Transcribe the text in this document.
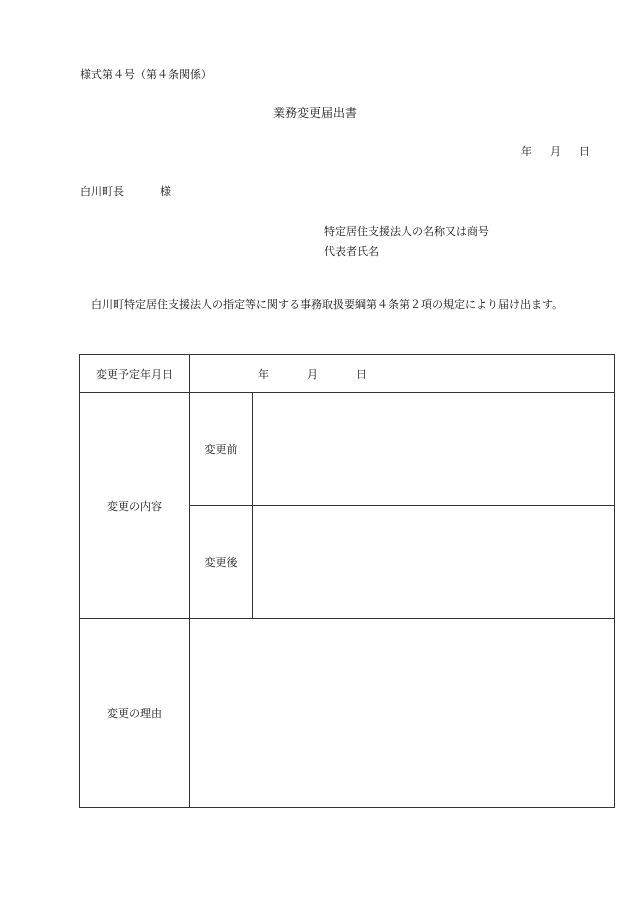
様式第４号（第４条関係）
業務変更届出書
年 月 日
白川町長	様
特定居住支援法人の名称又は商号
代表者氏名
白川町特定居住支援法人の指定等に関する事務取扱要綱第４条第２項の規定により届け出ます。
変更予定年月日	年 月 日	

変更の内容	変更前	
	変更後	
変更の理由		
